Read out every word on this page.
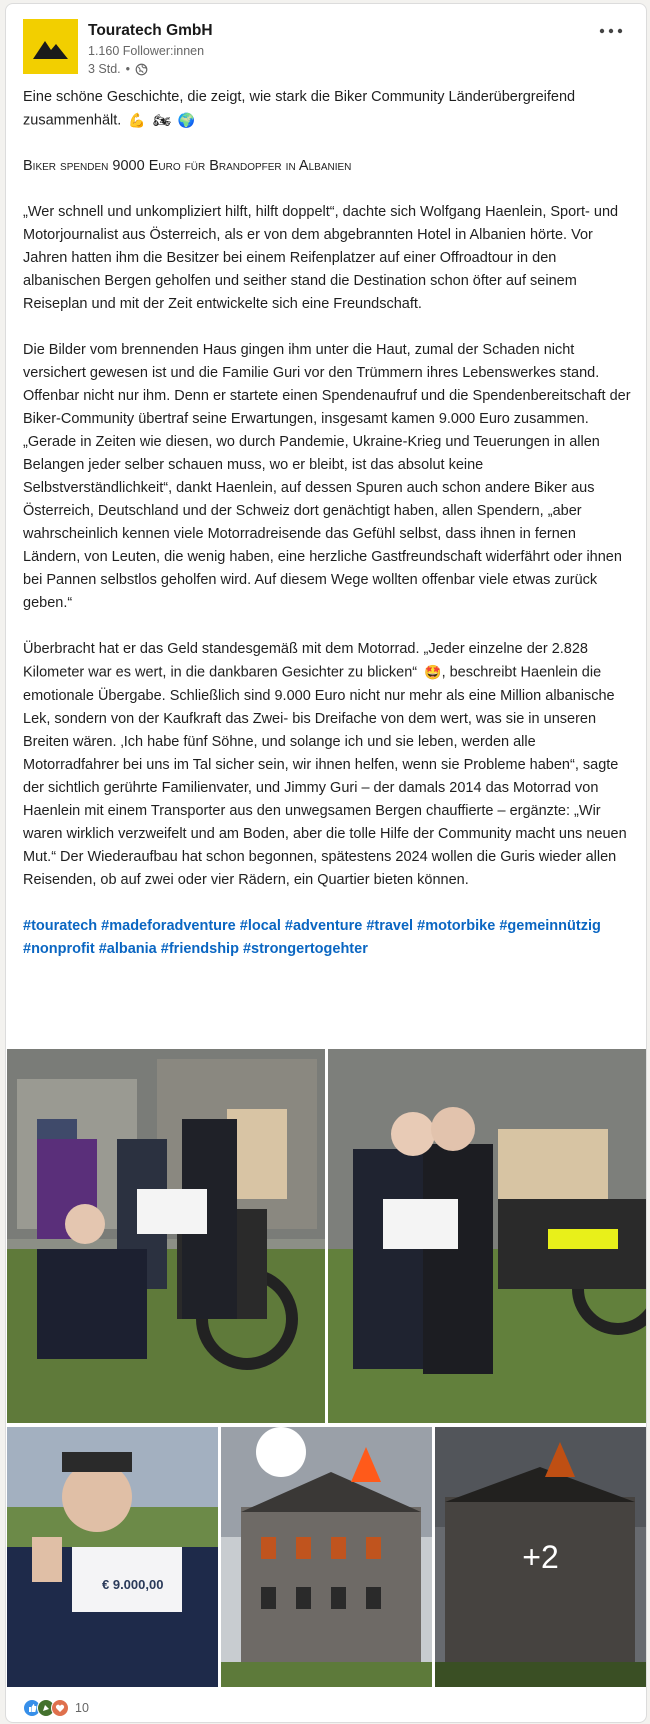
Touratech GmbH
1.160 Follower:innen
3 Std. •

Eine schöne Geschichte, die zeigt, wie stark die Biker Community Länderübergreifend zusammenhält. 💪 🏍 🌍

Biker spenden 9000 Euro für Brandopfer in Albanien

„Wer schnell und unkompliziert hilft, hilft doppelt“, dachte sich Wolfgang Haenlein, Sport- und Motorjournalist aus Österreich, als er von dem abgebrannten Hotel in Albanien hörte. Vor Jahren hatten ihm die Besitzer bei einem Reifenplatzer auf einer Offroadtour in den albanischen Bergen geholfen und seither stand die Destination schon öfter auf seinem Reiseplan und mit der Zeit entwickelte sich eine Freundschaft.

Die Bilder vom brennenden Haus gingen ihm unter die Haut, zumal der Schaden nicht versichert gewesen ist und die Familie Guri vor den Trümmern ihres Lebenswerkes stand. Offenbar nicht nur ihm. Denn er startete einen Spendenaufruf und die Spendenbereitschaft der Biker-Community übertraf seine Erwartungen, insgesamt kamen 9.000 Euro zusammen. „Gerade in Zeiten wie diesen, wo durch Pandemie, Ukraine-Krieg und Teuerungen in allen Belangen jeder selber schauen muss, wo er bleibt, ist das absolut keine Selbstverständlichkeit“, dankt Haenlein, auf dessen Spuren auch schon andere Biker aus Österreich, Deutschland und der Schweiz dort genächtigt haben, allen Spendern, „aber wahrscheinlich kennen viele Motorradreisende das Gefühl selbst, dass ihnen in fernen Ländern, von Leuten, die wenig haben, eine herzliche Gastfreundschaft widerfährt oder ihnen bei Pannen selbstlos geholfen wird. Auf diesem Wege wollten offenbar viele etwas zurück geben.“

Überbracht hat er das Geld standesgemäß mit dem Motorrad. „Jeder einzelne der 2.828 Kilometer war es wert, in die dankbaren Gesichter zu blicken“ 🤩, beschreibt Haenlein die emotionale Übergabe. Schließlich sind 9.000 Euro nicht nur mehr als eine Million albanische Lek, sondern von der Kaufkraft das Zwei- bis Dreifache von dem wert, was sie in unseren Breiten wären. ‚Ich habe fünf Söhne, und solange ich und sie leben, werden alle Motorradfahrer bei uns im Tal sicher sein, wir ihnen helfen, wenn sie Probleme haben“, sagte der sichtlich gerührte Familienvater, und Jimmy Guri – der damals 2014 das Motorrad von Haenlein mit einem Transporter aus den unwegsamen Bergen chauffierte – ergänzte: „Wir waren wirklich verzweifelt und am Boden, aber die tolle Hilfe der Community macht uns neuen Mut.“ Der Wiederaufbau hat schon begonnen, spätestens 2024 wollen die Guris wieder allen Reisenden, ob auf zwei oder vier Rädern, ein Quartier bieten können.

#touratech #madeforadventure #local #adventure #travel #motorbike #gemeinnützig #nonprofit #albania #friendship #strongertogehter

€ 9.000,00
+2
10
